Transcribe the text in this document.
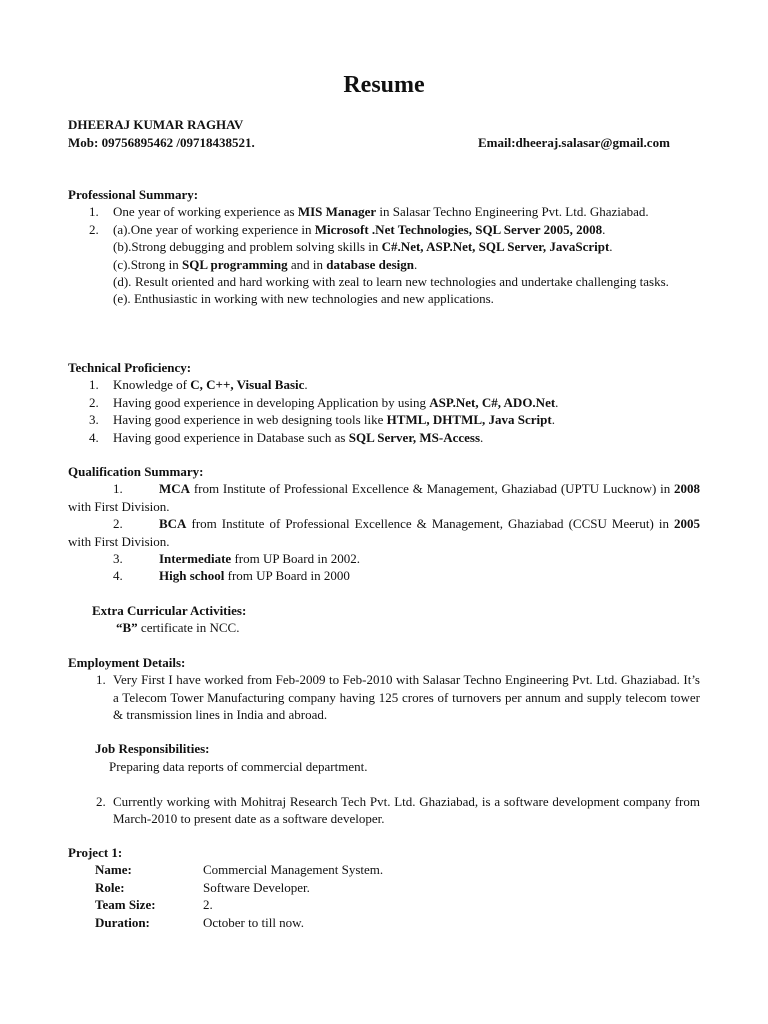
Resume
DHEERAJ KUMAR RAGHAV
Mob: 09756895462 /09718438521.	Email:dheeraj.salasar@gmail.com
Professional Summary:
1. One year of working experience as MIS Manager in Salasar Techno Engineering Pvt. Ltd. Ghaziabad.
2. (a).One year of working experience in Microsoft .Net Technologies, SQL Server 2005, 2008.
(b).Strong debugging and problem solving skills in C#.Net, ASP.Net, SQL Server, JavaScript.
(c).Strong in SQL programming and in database design.
(d). Result oriented and hard working with zeal to learn new technologies and undertake challenging tasks.
(e). Enthusiastic in working with new technologies and new applications.
Technical Proficiency:
1. Knowledge of C, C++, Visual Basic.
2. Having good experience in developing Application by using ASP.Net, C#, ADO.Net.
3. Having good experience in web designing tools like HTML, DHTML, Java Script.
4. Having good experience in Database such as SQL Server, MS-Access.
Qualification Summary:
1.	MCA from Institute of Professional Excellence & Management, Ghaziabad (UPTU Lucknow) in 2008 with First Division.
2.	BCA from Institute of Professional Excellence & Management, Ghaziabad (CCSU Meerut) in 2005 with First Division.
3.	Intermediate from UP Board in 2002.
4.	High school from UP Board in 2000
Extra Curricular Activities:
“B” certificate in NCC.
Employment Details:
1. Very First I have worked from Feb-2009 to Feb-2010 with Salasar Techno Engineering Pvt. Ltd. Ghaziabad. It’s a Telecom Tower Manufacturing company having 125 crores of turnovers per annum and supply telecom tower & transmission lines in India and abroad.
Job Responsibilities:
Preparing data reports of commercial department.
2. Currently working with Mohitraj Research Tech Pvt. Ltd. Ghaziabad, is a software development company from March-2010 to present date as a software developer.
Project 1:
Name:	Commercial Management System.
Role:	Software Developer.
Team Size:	2.
Duration:	October to till now.
